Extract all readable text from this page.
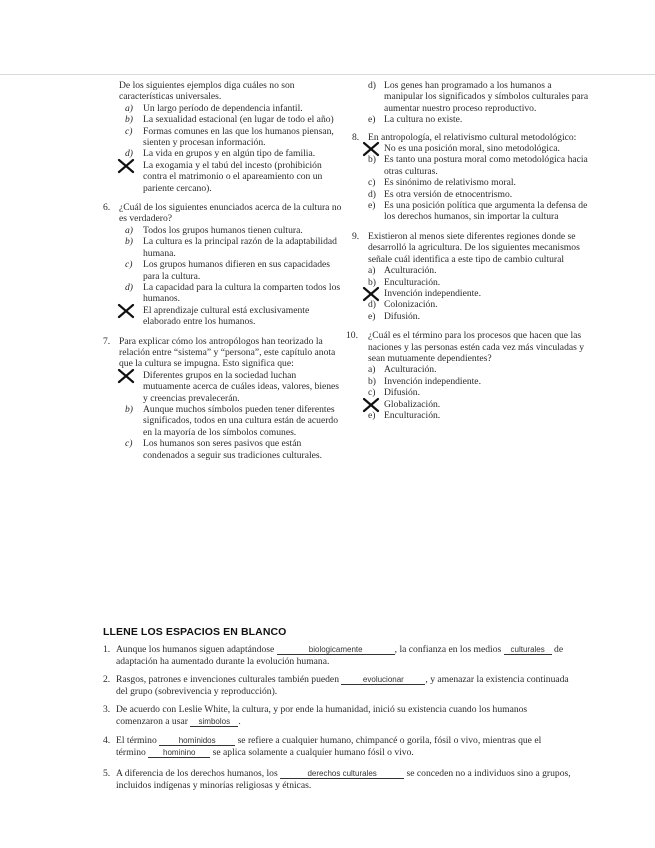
De los siguientes ejemplos diga cuáles no son características universales.
a) Un largo período de dependencia infantil.
b) La sexualidad estacional (en lugar de todo el año)
c) Formas comunes en las que los humanos piensan, sienten y procesan información.
d) La vida en grupos y en algún tipo de familia.
La exogamia y el tabú del incesto (prohibición contra el matrimonio o el apareamiento con un pariente cercano).
6. ¿Cuál de los siguientes enunciados acerca de la cultura no es verdadero?
a) Todos los grupos humanos tienen cultura.
b) La cultura es la principal razón de la adaptabilidad humana.
c) Los grupos humanos difieren en sus capacidades para la cultura.
d) La capacidad para la cultura la comparten todos los humanos.
El aprendizaje cultural está exclusivamente elaborado entre los humanos.
7. Para explicar cómo los antropólogos han teorizado la relación entre “sistema” y “persona”, este capítulo anota que la cultura se impugna. Esto significa que:
Diferentes grupos en la sociedad luchan mutuamente acerca de cuáles ideas, valores, bienes y creencias prevalecerán.
b) Aunque muchos símbolos pueden tener diferentes significados, todos en una cultura están de acuerdo en la mayoría de los símbolos comunes.
c) Los humanos son seres pasivos que están condenados a seguir sus tradiciones culturales.
d) Los genes han programado a los humanos a manipular los significados y símbolos culturales para aumentar nuestro proceso reproductivo.
e) La cultura no existe.
8. En antropología, el relativismo cultural metodológico:
No es una posición moral, sino metodológica.
b) Es tanto una postura moral como metodológica hacia otras culturas.
c) Es sinónimo de relativismo moral.
d) Es otra versión de etnocentrismo.
e) Es una posición política que argumenta la defensa de los derechos humanos, sin importar la cultura
9. Existieron al menos siete diferentes regiones donde se desarrolló la agricultura. De los siguientes mecanismos señale cuál identifica a este tipo de cambio cultural
a) Aculturación.
b) Enculturación.
Invención independiente.
d) Colonización.
e) Difusión.
10.	¿Cuál es el término para los procesos que hacen que las naciones y las personas estén cada vez más vinculadas y sean mutuamente dependientes?
a) Aculturación.
b) Invención independiente.
c) Difusión.
Globalización.
e) Enculturación.
LLENE LOS ESPACIOS EN BLANCO
1. Aunque los humanos siguen adaptándose	biologicamente	, la confianza en los medios culturales de adaptación ha aumentado durante la evolución humana.
2. Rasgos, patrones e invenciones culturales también pueden	evolucionar , y amenazar la existencia continuada del grupo (sobrevivencia y reproducción).
3. De acuerdo con Leslie White, la cultura, y por ende la humanidad, inició su existencia cuando los humanos comenzaron a usar simbolos .
4. El término homínidos se refiere a cualquier humano, chimpancé o gorila, fósil o vivo, mientras que el término hominino se aplica solamente a cualquier humano fósil o vivo.
5. A diferencia de los derechos humanos, los	derechos culturales	se conceden no a individuos sino a grupos, incluidos indígenas y minorías religiosas y étnicas.
